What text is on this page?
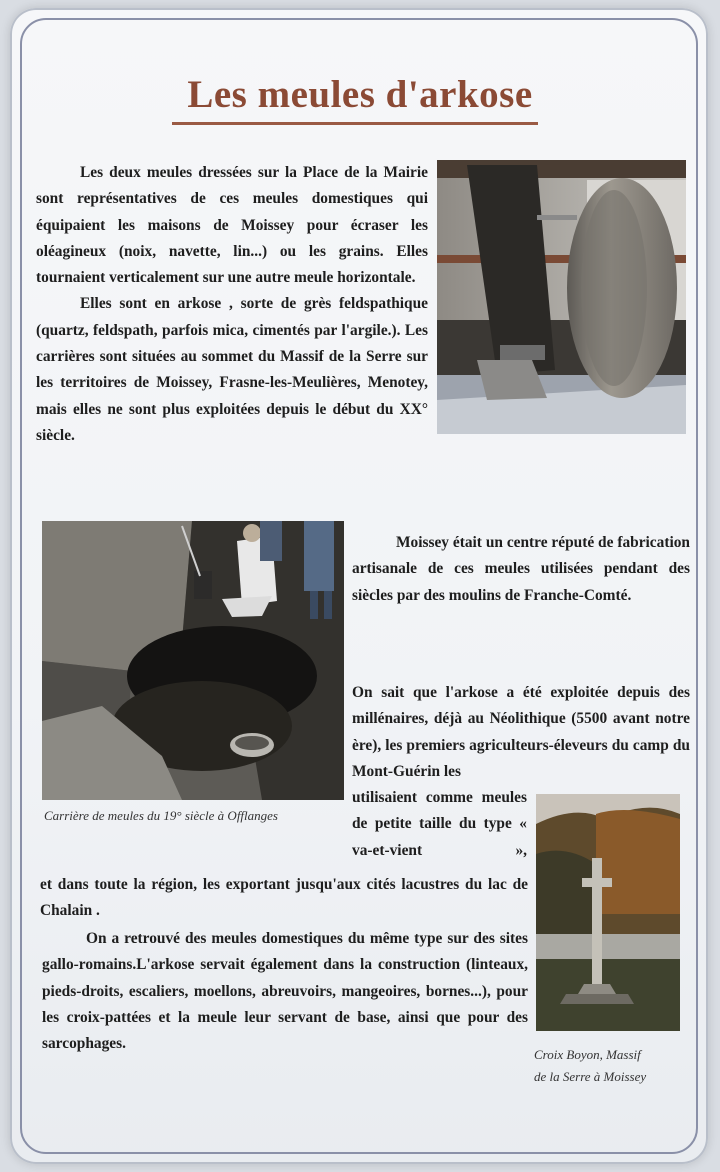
Les meules d'arkose

Les deux meules dressées sur la Place de la Mairie sont représentatives de ces meules domestiques qui équipaient les maisons de Moissey pour écraser les oléagineux (noix, navette, lin...) ou les grains. Elles tournaient verticalement sur une autre meule horizontale.

Elles sont en arkose , sorte de grès feldspathique (quartz, feldspath, parfois mica, cimentés par l'argile.). Les carrières sont situées au sommet du Massif de la Serre sur les territoires de Moissey, Frasne-les-Meulières, Menotey, mais elles ne sont plus exploitées depuis le début du XX° siècle.

Carrière de meules du 19° siècle à Offlanges

Moissey était un centre réputé de fabrication artisanale de ces meules utilisées pendant des siècles par des moulins de Franche-Comté.

On sait que l'arkose a été exploitée depuis des millénaires, déjà au Néolithique (5500 avant notre ère), les premiers agriculteurs-éleveurs du camp du Mont-Guérin les

utilisaient comme meules de petite taille du type « va-et-vient »,

et dans toute la région, les exportant jusqu'aux cités lacustres du lac de Chalain .

On a retrouvé des meules domestiques du même type sur des sites gallo-romains.L'arkose servait également dans la construction (linteaux, pieds-droits, escaliers, moellons, abreuvoirs, mangeoires, bornes...), pour les croix-pattées et la meule leur servant de base, ainsi que pour des sarcophages.

Croix Boyon, Massif
de la Serre à Moissey
